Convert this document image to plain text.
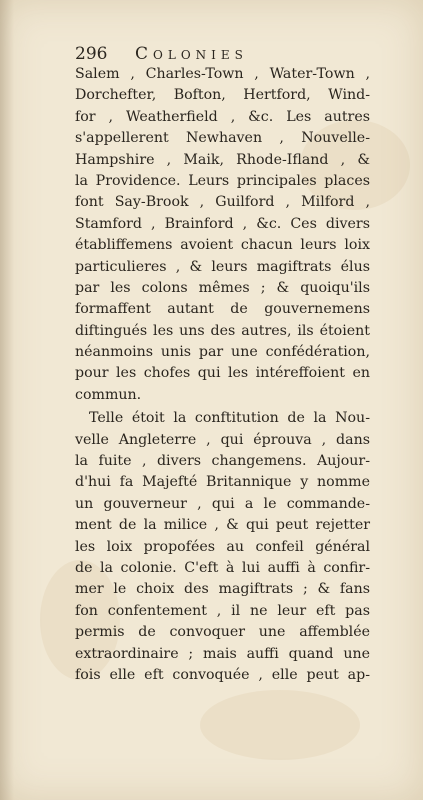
296 Colonies
Salem , Charles-Town , Water-Town ,
Dorchefter, Bofton, Hertford, Wind-
for , Weatherfield , &c. Les autres
s'appellerent Newhaven , Nouvelle-
Hampshire , Maik, Rhode-Ifland , &
la Providence. Leurs principales places
font Say-Brook , Guilford , Milford ,
Stamford , Brainford , &c. Ces divers
établiffemens avoient chacun leurs loix
particulieres , & leurs magiftrats élus
par les colons mêmes ; & quoiqu'ils
formaffent autant de gouvernemens
diftingués les uns des autres, ils étoient
néanmoins unis par une confédération,
pour les chofes qui les intéreffoient en
commun.
Telle étoit la conftitution de la Nou-
velle Angleterre , qui éprouva , dans
la fuite , divers changemens. Aujour-
d'hui fa Majefté Britannique y nomme
un gouverneur , qui a le commande-
ment de la milice , & qui peut rejetter
les loix propofées au confeil général
de la colonie. C'eft à lui auffi à confir-
mer le choix des magiftrats ; & fans
fon confentement , il ne leur eft pas
permis de convoquer une affemblée
extraordinaire ; mais auffi quand une
fois elle eft convoquée , elle peut ap-
